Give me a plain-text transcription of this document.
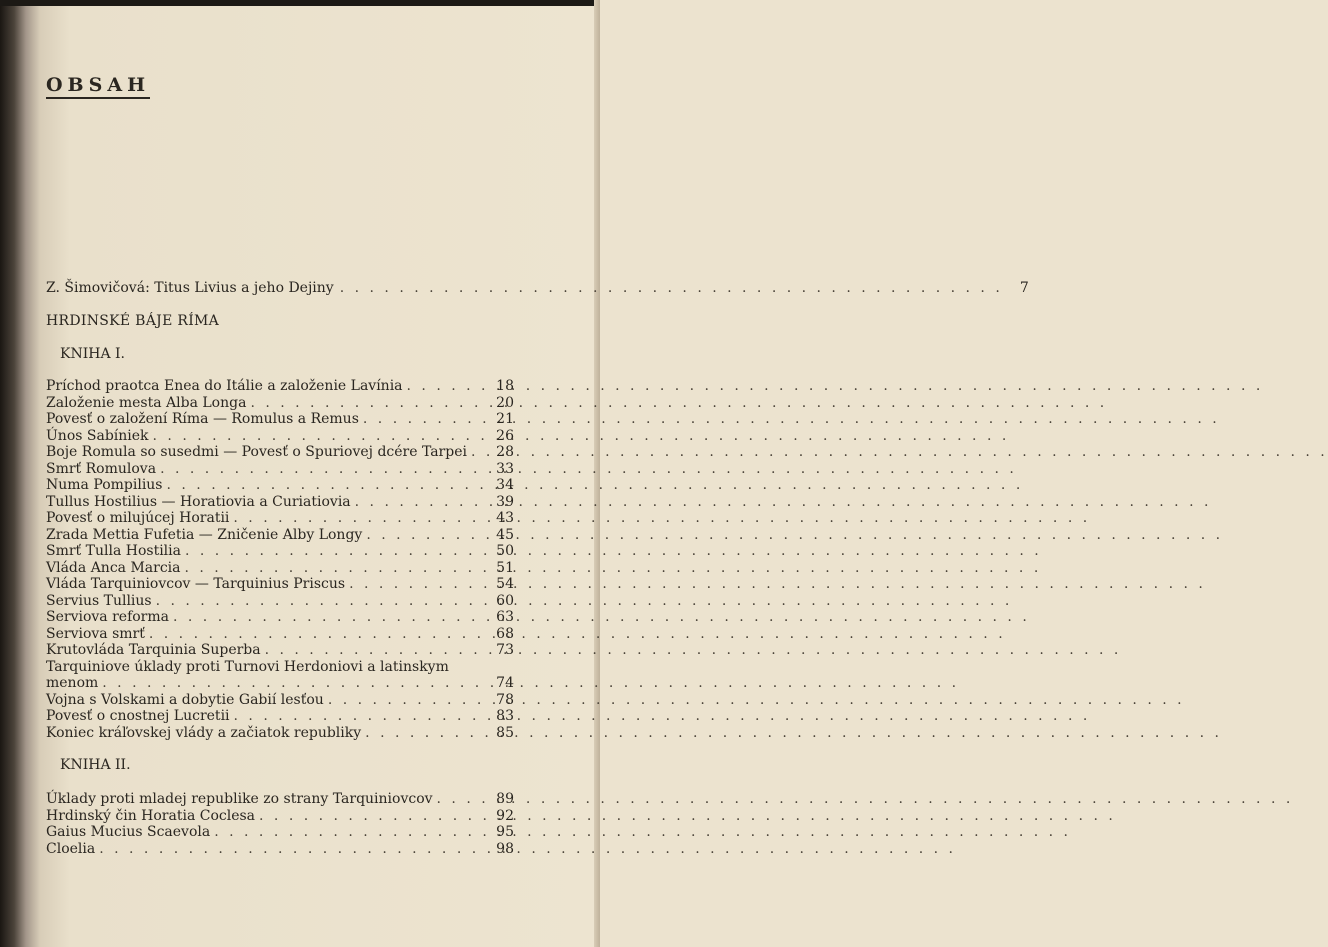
OBSAH
Z. Šimovičová: Titus Livius a jeho Dejiny . . .	7
HRDINSKÉ BÁJE RÍMA
KNIHA I.
Príchod praotca Enea do Itálie a založenie Lavínia . . .	18
Založenie mesta Alba Longa . . .	20
Povesť o založení Ríma — Romulus a Remus . . .	21
Únos Sabíniek . . .	26
Boje Romula so susedmi — Povesť o Spuriovej dcére Tarpei . . .	28
Smrť Romulova . . .	33
Numa Pompilius . . .	34
Tullus Hostilius — Horatiovia a Curiatiovia . . .	39
Povesť o milujúcej Horatii . . .	43
Zrada Mettia Fufetia — Zničenie Alby Longy . . .	45
Smrť Tulla Hostilia . . .	50
Vláda Anca Marcia . . .	51
Vláda Tarquiniovcov — Tarquinius Priscus . . .	54
Servius Tullius . . .	60
Serviova reforma . . .	63
Serviova smrť . . .	68
Krutovláda Tarquinia Superba . . .	73
Tarquiniove úklady proti Turnovi Herdoniovi a latinskym
menom . . .	74
Vojna s Volskami a dobytie Gabií lesťou . . .	78
Povesť o cnostnej Lucretii . . .	83
Koniec kráľovskej vlády a začiatok republiky . . .	85
KNIHA II.
Úklady proti mladej republike zo strany Tarquiniovcov . . .	89
Hrdinský čin Horatia Coclesa . . .	92
Gaius Mucius Scaevola . . .	95
Cloelia . . .	98
